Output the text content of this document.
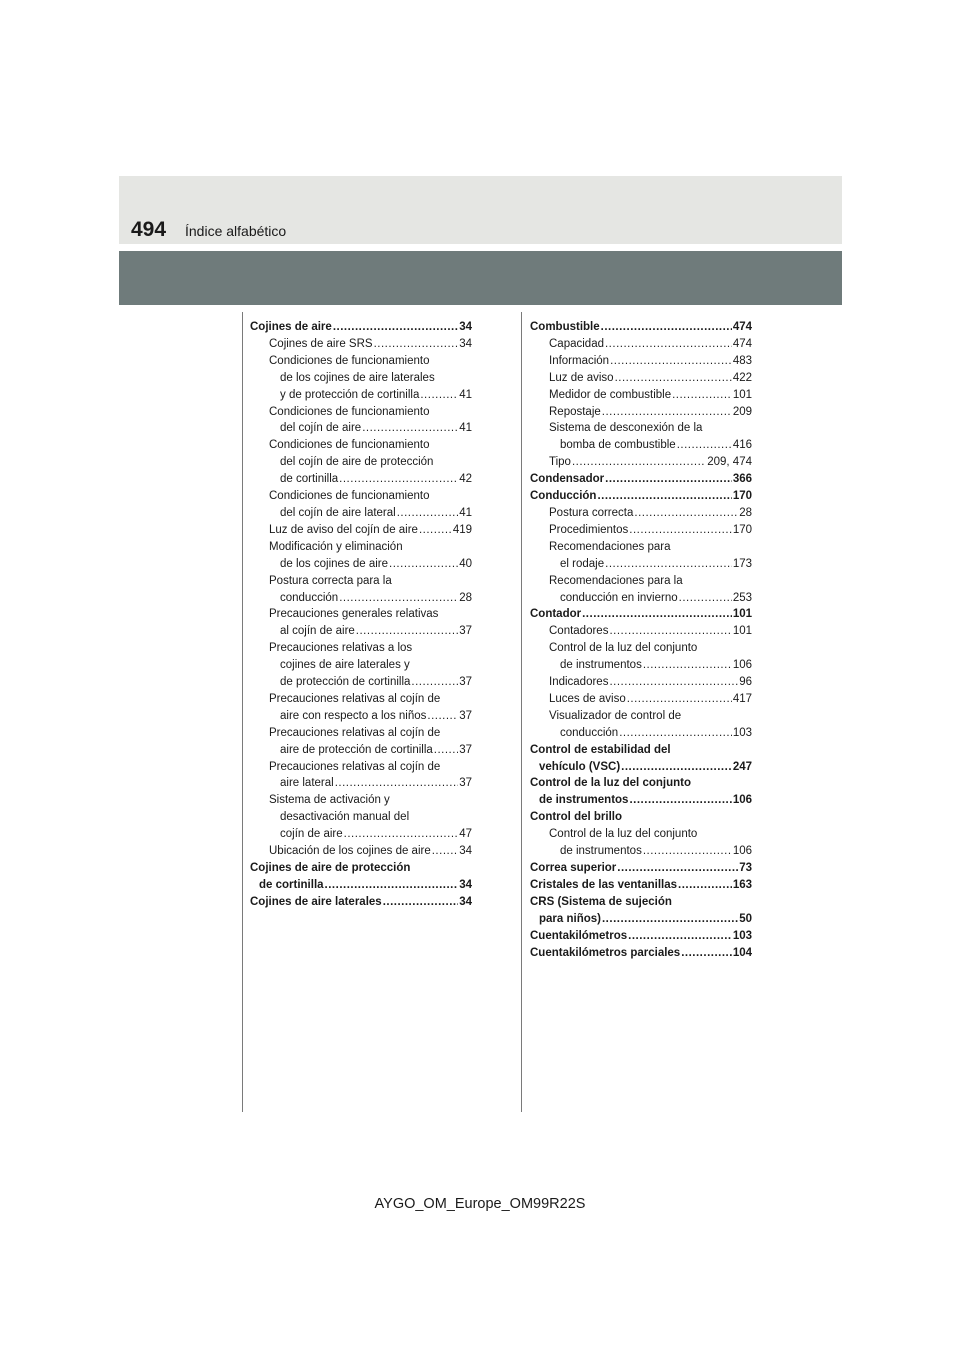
494 Índice alfabético
Cojines de aire .....	34
Cojines de aire SRS .....	34
Condiciones de funcionamiento
de los cojines de aire laterales
y de protección de cortinilla .....	41
Condiciones de funcionamiento
del cojín de aire .....	41
Condiciones de funcionamiento
del cojín de aire de protección
de cortinilla .....	42
Condiciones de funcionamiento
del cojín de aire lateral .....	41
Luz de aviso del cojín de aire .....	419
Modificación y eliminación
de los cojines de aire .....	40
Postura correcta para la
conducción .....	28
Precauciones generales relativas
al cojín de aire .....	37
Precauciones relativas a los
cojines de aire laterales y
de protección de cortinilla .....	37
Precauciones relativas al cojín de
aire con respecto a los niños .....	37
Precauciones relativas al cojín de
aire de protección de cortinilla ..... 37
Precauciones relativas al cojín de
aire lateral .....	37
Sistema de activación y
desactivación manual del
cojín de aire .....	47
Ubicación de los cojines de aire ..... 34
Cojines de aire de protección
de cortinilla .....	34
Cojines de aire laterales .....	34
Combustible .....	474
Capacidad .....	474
Información .....	483
Luz de aviso .....	422
Medidor de combustible .....	101
Repostaje .....	209
Sistema de desconexión de la
bomba de combustible .....	416
Tipo .....	209, 474
Condensador .....	366
Conducción .....	170
Postura correcta .....	28
Procedimientos .....	170
Recomendaciones para
el rodaje .....	173
Recomendaciones para la
conducción en invierno .....	253
Contador .....	101
Contadores .....	101
Control de la luz del conjunto
de instrumentos .....	106
Indicadores .....	96
Luces de aviso .....	417
Visualizador de control de
conducción .....	103
Control de estabilidad del
vehículo (VSC) .....	247
Control de la luz del conjunto
de instrumentos .....	106
Control del brillo
Control de la luz del conjunto
de instrumentos .....	106
Correa superior .....	73
Cristales de las ventanillas .....	163
CRS (Sistema de sujeción
para niños) .....	50
Cuentakilómetros .....	103
Cuentakilómetros parciales .....	104
AYGO_OM_Europe_OM99R22S
